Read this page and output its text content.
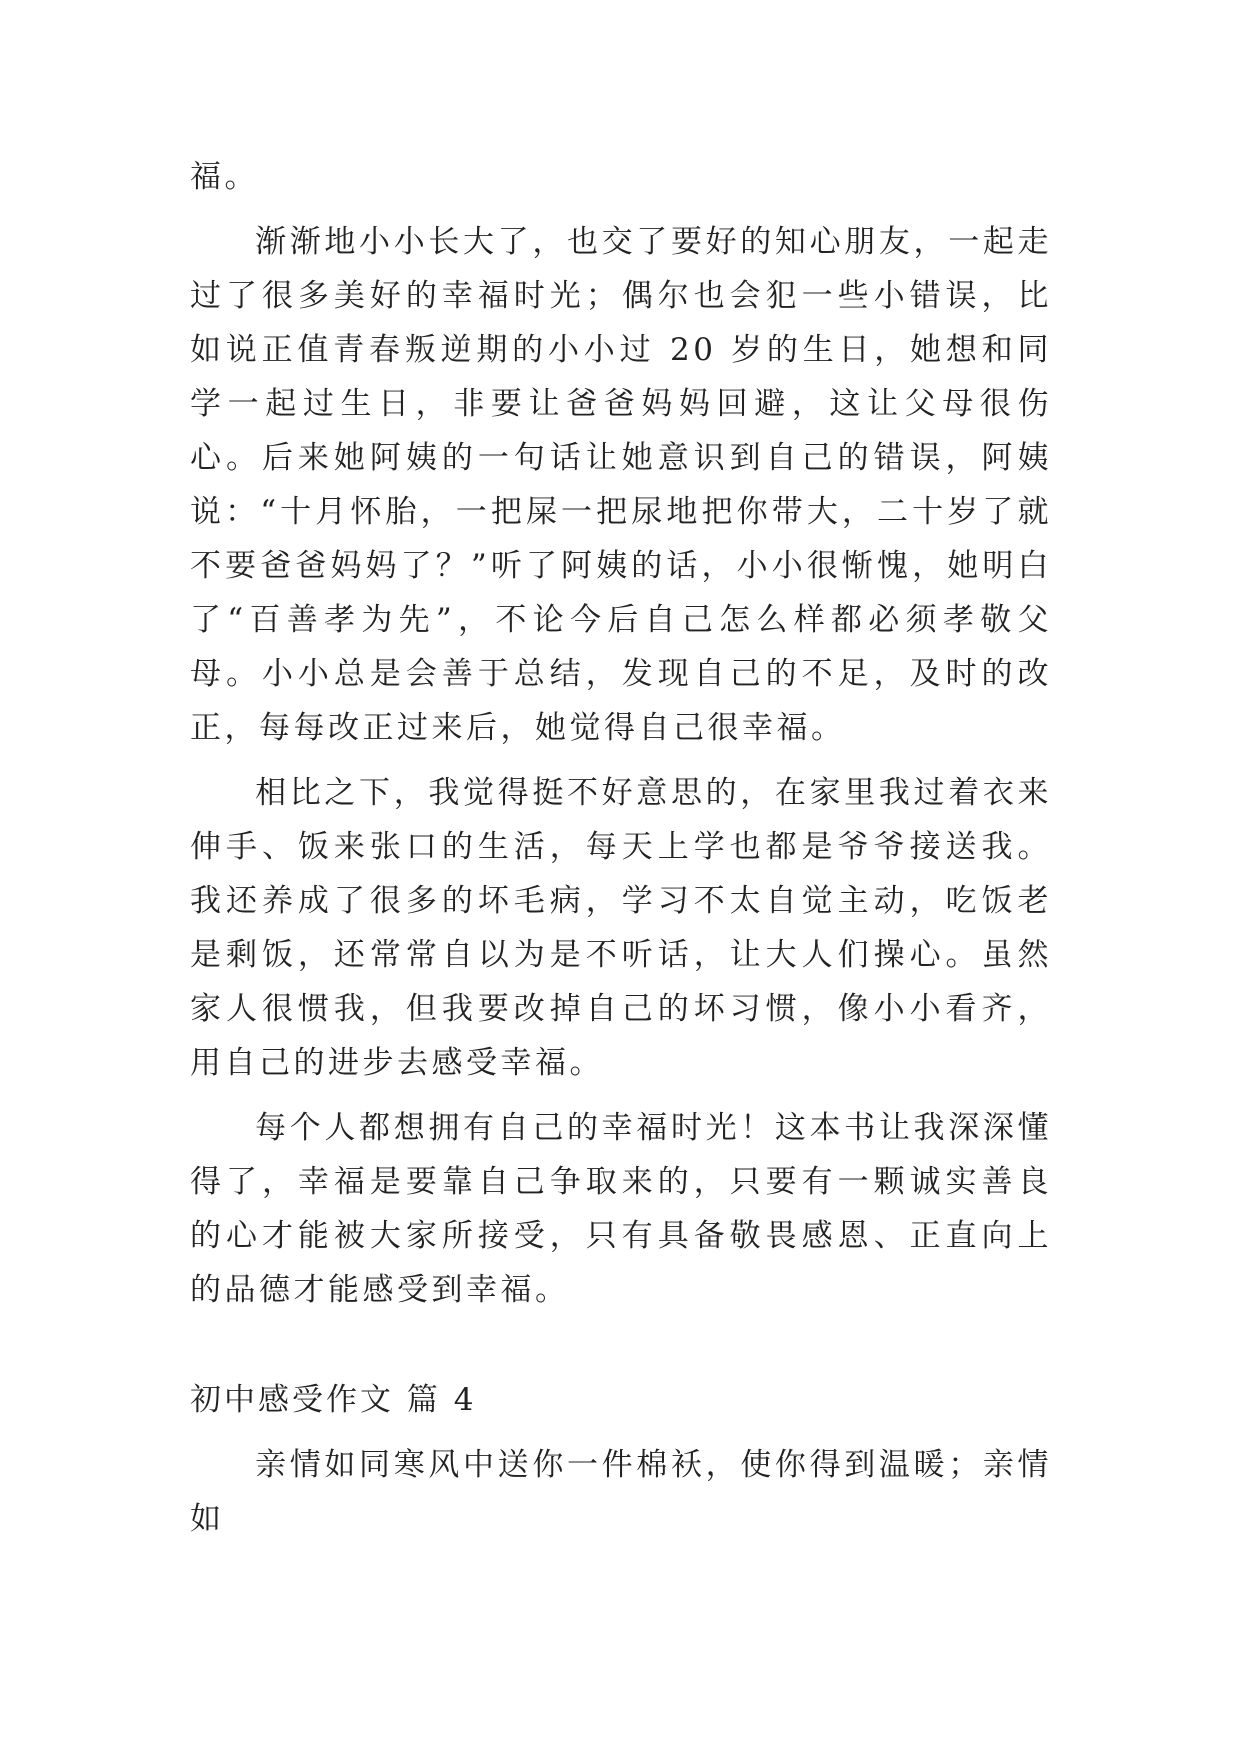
福。

渐渐地小小长大了，也交了要好的知心朋友，一起走过了很多美好的幸福时光；偶尔也会犯一些小错误，比如说正值青春叛逆期的小小过 20 岁的生日，她想和同学一起过生日，非要让爸爸妈妈回避，这让父母很伤心。后来她阿姨的一句话让她意识到自己的错误，阿姨说：“十月怀胎，一把屎一把尿地把你带大，二十岁了就不要爸爸妈妈了？”听了阿姨的话，小小很惭愧，她明白了“百善孝为先”，不论今后自己怎么样都必须孝敬父母。小小总是会善于总结，发现自己的不足，及时的改正，每每改正过来后，她觉得自己很幸福。

相比之下，我觉得挺不好意思的，在家里我过着衣来伸手、饭来张口的生活，每天上学也都是爷爷接送我。我还养成了很多的坏毛病，学习不太自觉主动，吃饭老是剩饭，还常常自以为是不听话，让大人们操心。虽然家人很惯我，但我要改掉自己的坏习惯，像小小看齐，用自己的进步去感受幸福。

每个人都想拥有自己的幸福时光！这本书让我深深懂得了，幸福是要靠自己争取来的，只要有一颗诚实善良的心才能被大家所接受，只有具备敬畏感恩、正直向上的品德才能感受到幸福。

初中感受作文 篇 4

亲情如同寒风中送你一件棉袄，使你得到温暖；亲情如
